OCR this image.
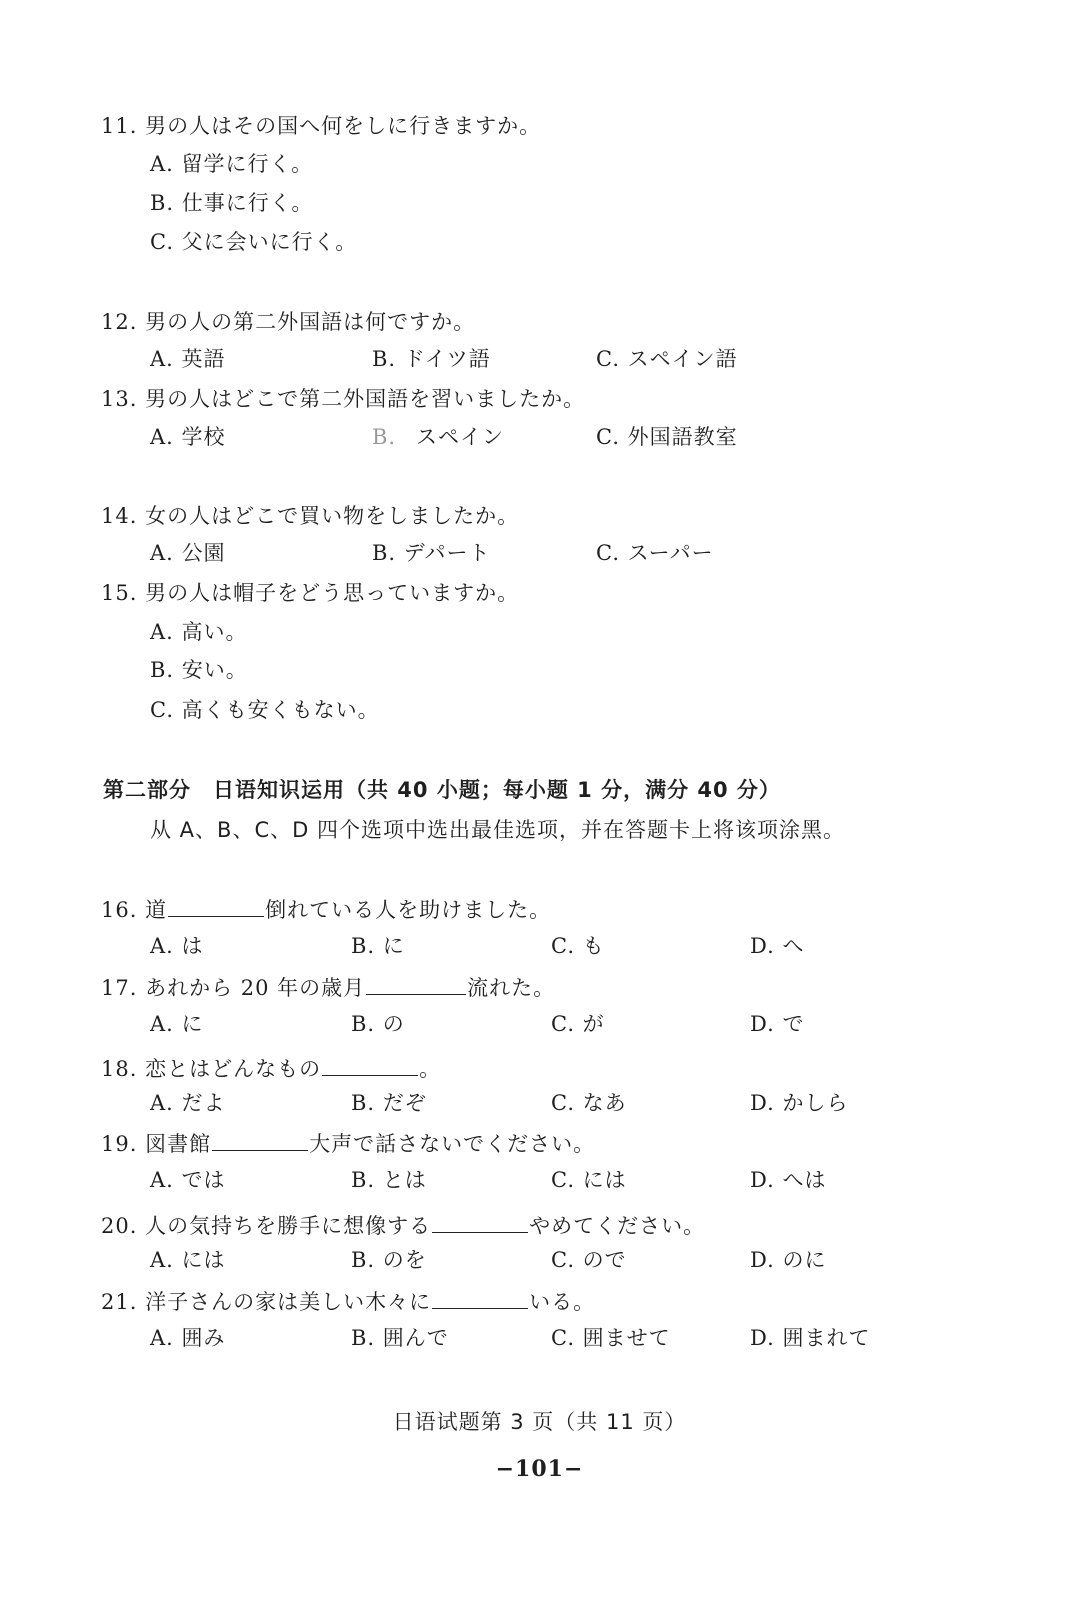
11. 男の人はその国へ何をしに行きますか。
A. 留学に行く。
B. 仕事に行く。
C. 父に会いに行く。
12. 男の人の第二外国語は何ですか。
A. 英語	B. ドイツ語	C. スペイン語
13. 男の人はどこで第二外国語を習いましたか。
A. 学校	B. スペイン	C. 外国語教室
14. 女の人はどこで買い物をしましたか。
A. 公園	B. デパート	C. スーパー
15. 男の人は帽子をどう思っていますか。
A. 高い。
B. 安い。
C. 高くも安くもない。
第二部分　日语知识运用（共 40 小题；每小题 1 分，满分 40 分）
从 A、B、C、D 四个选项中选出最佳选项，并在答题卡上将该项涂黑。
16. 道	倒れている人を助けました。
A. は	B. に	C. も	D. へ
17. あれから 20 年の歳月	流れた。
A. に	B. の	C. が	D. で
18. 恋とはどんなもの	。
A. だよ	B. だぞ	C. なあ	D. かしら
19. 図書館	大声で話さないでください。
A. では	B. とは	C. には	D. へは
20. 人の気持ちを勝手に想像する	やめてください。
A. には	B. のを	C. ので	D. のに
21. 洋子さんの家は美しい木々に	いる。
A. 囲み	B. 囲んで	C. 囲ませて	D. 囲まれて
日语试题第 3 页（共 11 页）
−101−
